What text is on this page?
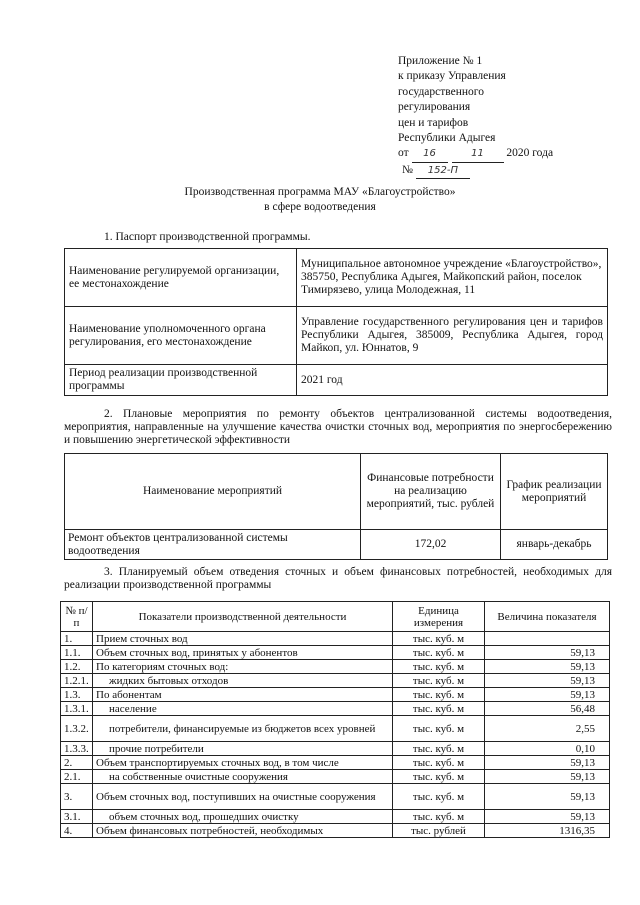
Приложение № 1
к приказу Управления
государственного
регулирования
цен и тарифов
Республики Адыгея
от 16	11 2020 года
№ 152-П
Производственная программа МАУ «Благоустройство»
в сфере водоотведения
1. Паспорт производственной программы.
Наименование регулируемой организации, ее местонахождение	Муниципальное автономное учреждение «Благоустройство», 385750, Республика Адыгея, Майкопский район, поселок Тимирязево, улица Молодежная, 11
Наименование уполномоченного органа регулирования, его местонахождение	Управление государственного регулирования цен и тарифов Республики Адыгея, 385009, Республика Адыгея, город Майкоп, ул. Юннатов, 9
Период реализации производственной программы	2021 год
2. Плановые мероприятия по ремонту объектов централизованной системы водоотведения, мероприятия, направленные на улучшение качества очистки сточных вод, мероприятия по энергосбережению и повышению энергетической эффективности
Наименование мероприятий	Финансовые потребности на реализацию мероприятий, тыс. рублей	График реализации мероприятий
Ремонт объектов централизованной системы водоотведения	172,02	январь-декабрь
3. Планируемый объем отведения сточных и объем финансовых потребностей, необходимых для реализации производственной программы
№ п/п	Показатели производственной деятельности	Единица измерения	Величина показателя
1.	Прием сточных вод	тыс. куб. м	
1.1.	Объем сточных вод, принятых у абонентов	тыс. куб. м	59,13
1.2.	По категориям сточных вод:	тыс. куб. м	59,13
1.2.1.	жидких бытовых отходов	тыс. куб. м	59,13
1.3.	По абонентам	тыс. куб. м	59,13
1.3.1.	население	тыс. куб. м	56,48
1.3.2.	потребители, финансируемые из бюджетов всех уровней	тыс. куб. м	2,55
1.3.3.	прочие потребители	тыс. куб. м	0,10
2.	Объем транспортируемых сточных вод, в том числе	тыс. куб. м	59,13
2.1.	на собственные очистные сооружения	тыс. куб. м	59,13
3.	Объем сточных вод, поступивших на очистные сооружения	тыс. куб. м	59,13
3.1.	объем сточных вод, прошедших очистку	тыс. куб. м	59,13
4.	Объем финансовых потребностей, необходимых	тыс. рублей	1316,35
